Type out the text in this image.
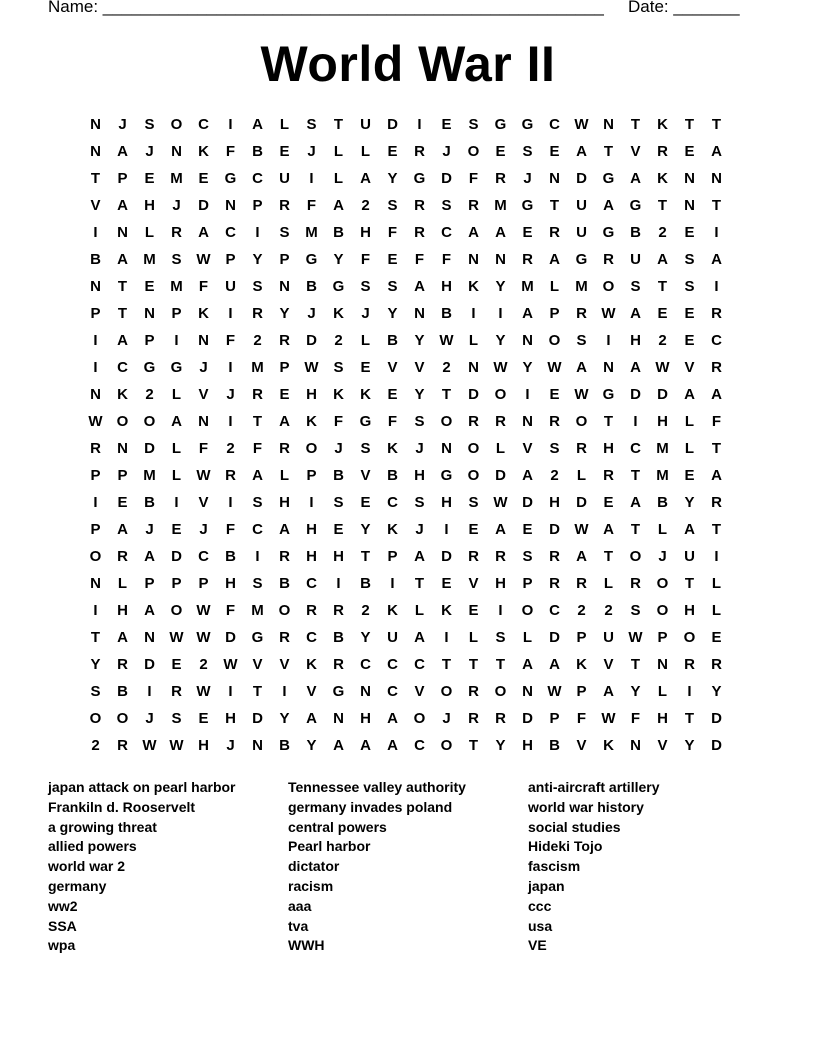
Name: _____________________________________________________ Date: _______
World War II
N	J	S	O	C	I	A	L	S	T	U	D	I	E	S	G	G	C W N	T	K	T	T
N	A	J	N	K	F	B	E	J	L	L	E	R	J	O	E	S	E	A	T	V	R	E	A
T	P	E	M	E	G	C	U	I	L	A	Y	G	D	F	R	J	N	D	G	A	K	N	N
V	A	H	J	D	N	P	R	F	A	2	S	R	S	R	M G	T	U	A	G	T	N	T
I	N	L	R	A	C	I	S	M	B	H	F	R	C	A	A	E	R	U	G	B	2	E	I
B	A	M	S W P	Y	P	G	Y	F	E	F	F	N	N	R	A	G	R	U	A	S	A
N	T	E	M	F	U	S	N	B	G	S	S	A	H	K	Y	M	L	M O	S	T	S	I
P	T	N	P	K	I	R	Y	J	K	J	Y	N	B	I	I	A	P	R W A	E	E	R
I	A	P	I	N	F	2	R	D	2	L	B	Y W	L	Y	N	O	S	I	H	2	E	C
I	C	G	G	J	I	M	P W S	E	V	V	2	N W Y W A	N	A W V	R
N	K	2	L	V	J	R	E	H	K	K	E	Y	T	D	O	I	E W G	D	D	A	A
W O	O	A	N	I	T	A	K	F	G	F	S	O	R	R	N	R	O	T	I	H	L	F
R	N	D	L	F	2	F	R	O	J	S	K	J	N	O	L	V	S	R	H	C	M	L	T
P	P	M	L	W R	A	L	P	B	V	B	H	G	O	D	A	2	L	R	T	M	E	A
I	E	B	I	V	I	S	H	I	S	E	C	S	H	S W D	H	D	E	A	B	Y	R
P	A	J	E	J	F	C	A	H	E	Y	K	J	I	E	A	E	D W A	T	L	A	T
O	R	A	D	C	B	I	R	H	H	T	P	A	D	R	R	S	R	A	T	O	J	U	I
N	L	P	P	P	H	S	B	C	I	B	I	T	E	V	H	P	R	R	L	R	O	T	L
I	H	A	O W	F	M O	R	R	2	K	L	K	E	I	O	C	2	2	S	O	H	L
T	A	N W W D	G	R	C	B	Y	U	A	I	L	S	L	D	P	U W P	O	E
Y	R	D	E	2	W V	V	K	R	C	C	C	T	T	T	A	A	K	V	T	N	R	R
S	B	I	R W	I	T	I	V	G	N	C	V	O	R	O	N W P	A	Y	L	I	Y
O	O	J	S	E	H	D	Y	A	N	H	A	O	J	R	R	D	P	F	W	F	H	T	D
2	R W W H	J	N	B	Y	A	A	A	C	O	T	Y	H	B	V	K	N	V	Y	D
japan attack on pearl harbor
Frankiln d. Rooservelt
a growing threat
allied powers
world war 2
germany
ww2
SSA
wpa
Tennessee valley authority
germany invades poland
central powers
Pearl harbor
dictator
racism
aaa
tva
WWH
anti-aircraft artillery
world war history
social studies
Hideki Tojo
fascism
japan
ccc
usa
VE
